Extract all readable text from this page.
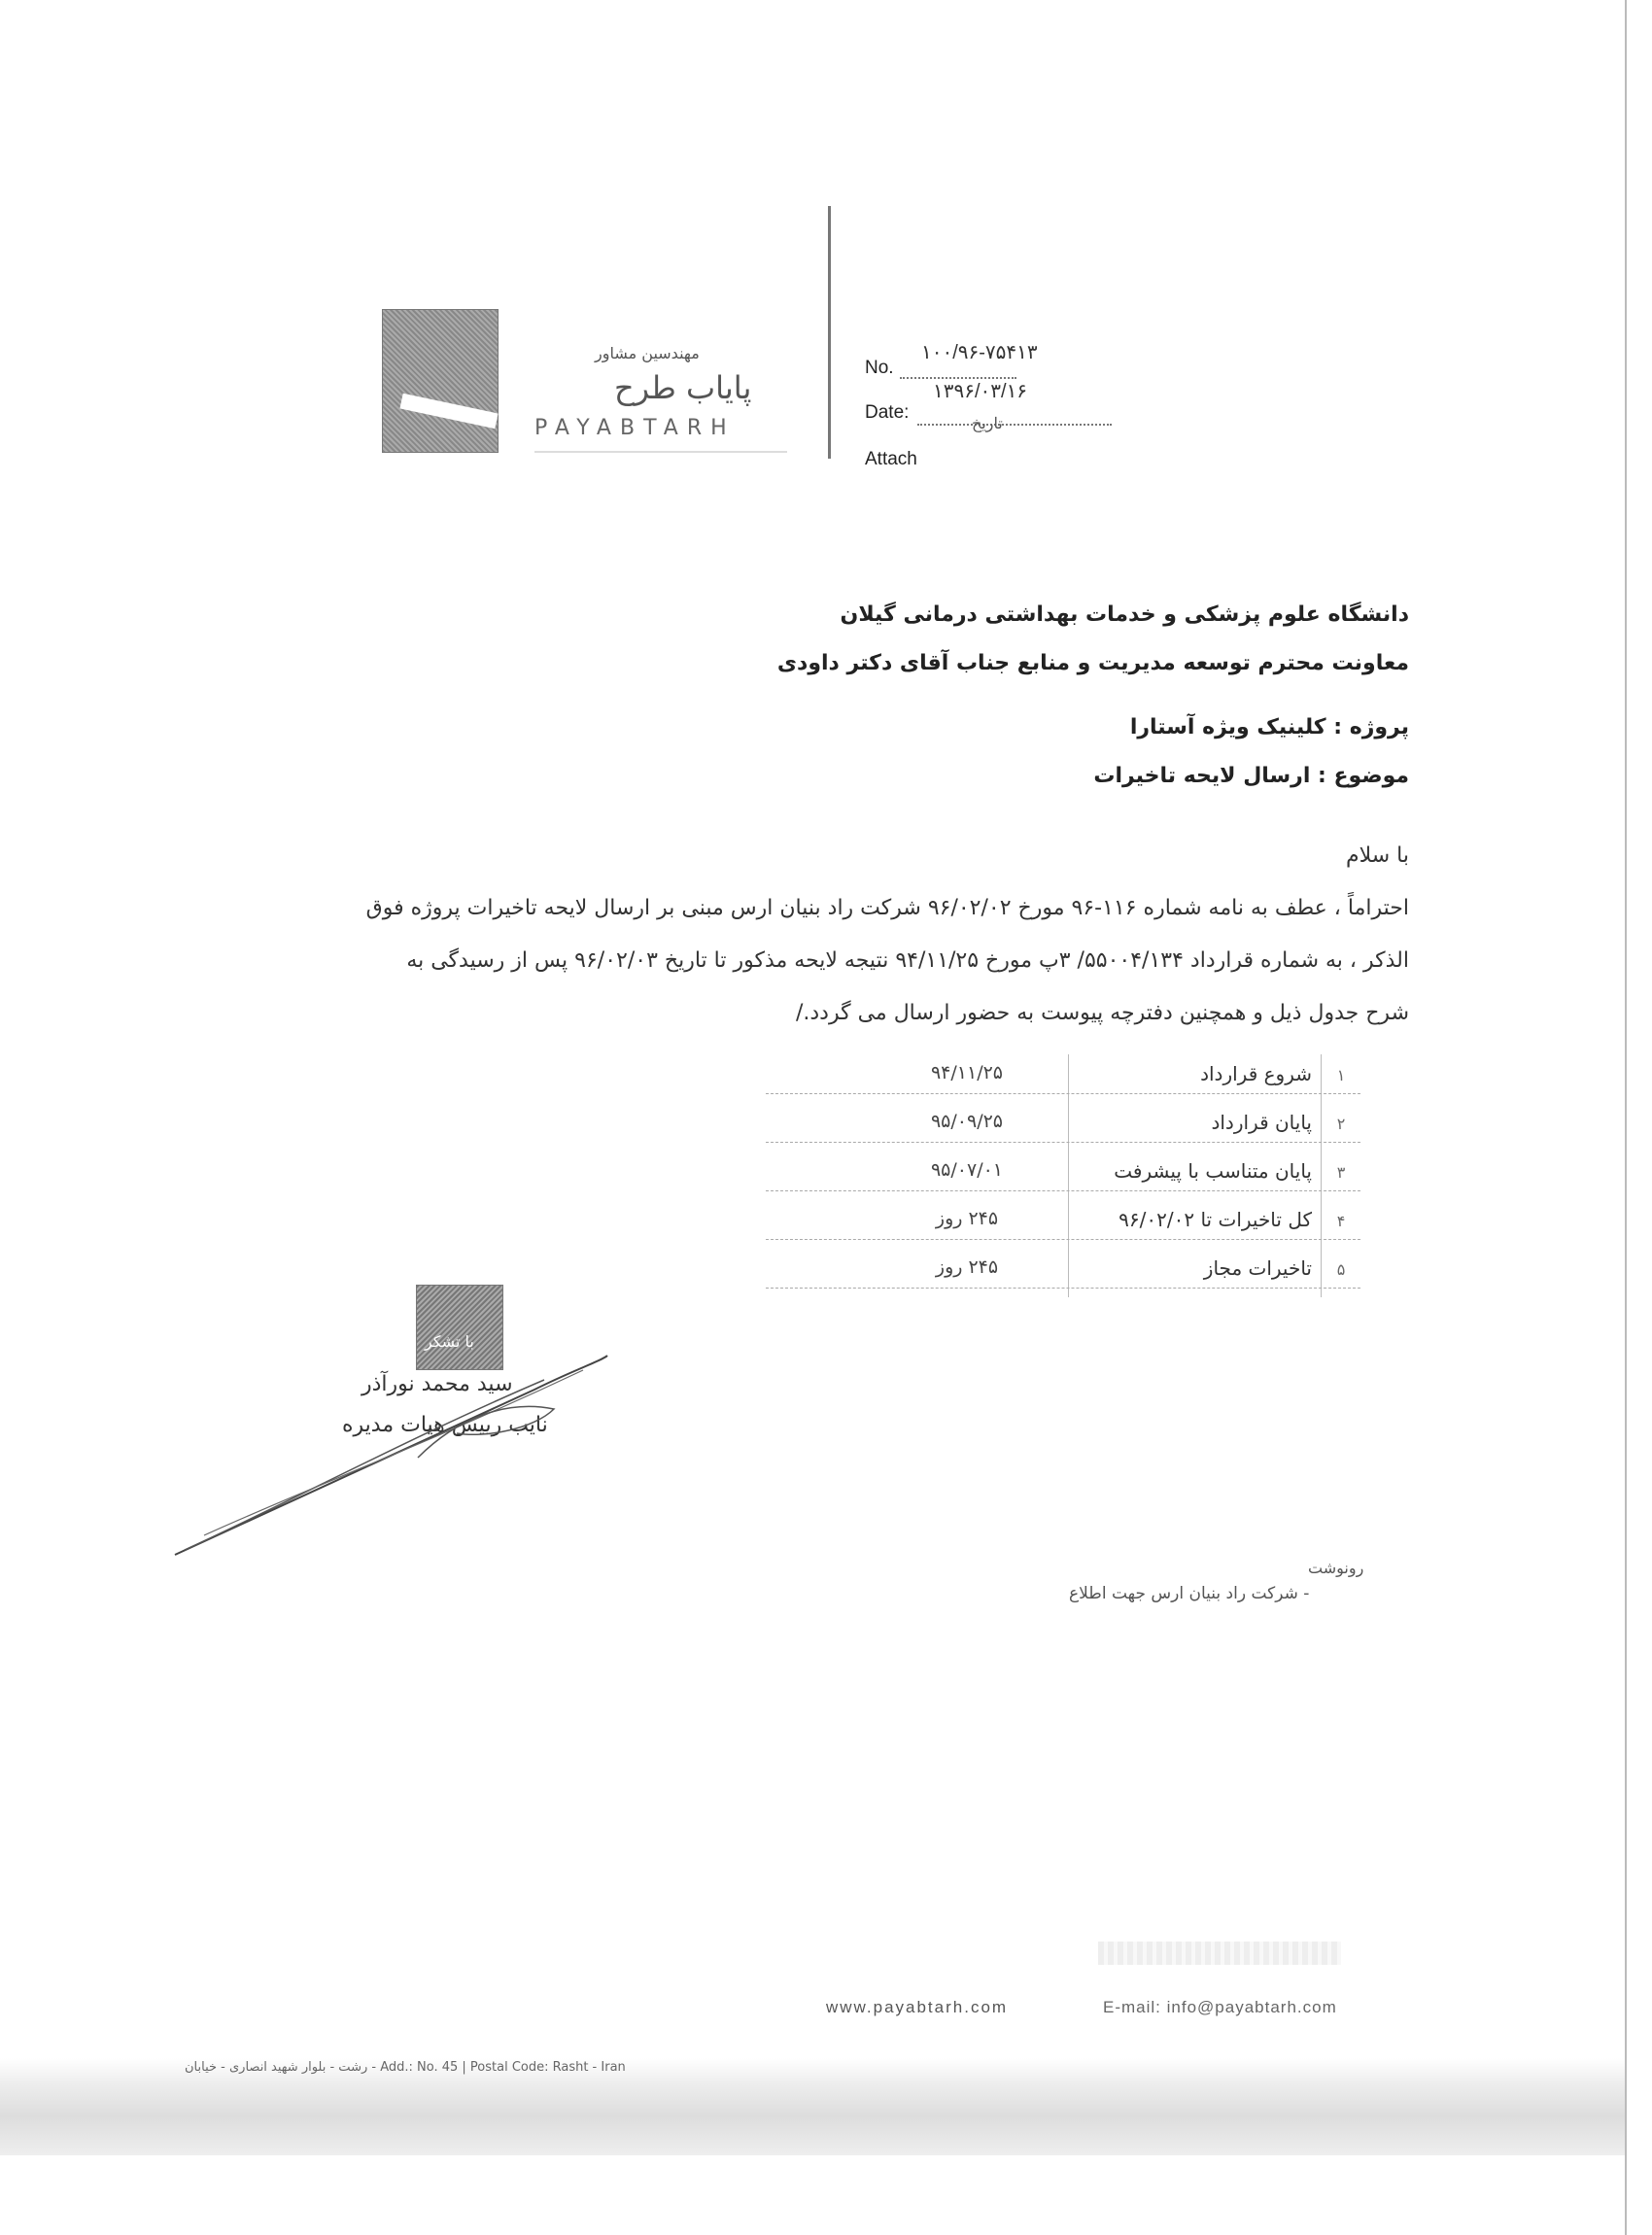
مهندسین مشاور
پایاب طرح
PAYABTARH
No.
۱۰۰/۹۶-۷۵۴۱۳
Date:
۱۳۹۶/۰۳/۱۶
تاریخ
Attach
دانشگاه علوم پزشکی و خدمات بهداشتی درمانی گیلان
معاونت محترم توسعه مدیریت و منابع جناب آقای دکتر داودی
پروژه : کلینیک ویژه آستارا
موضوع : ارسال لایحه تاخیرات
با سلام
احتراماً ، عطف به نامه شماره ۱۱۶-۹۶ مورخ ۹۶/۰۲/۰۲ شرکت راد بنیان ارس مبنی بر ارسال لایحه تاخیرات پروژه فوق
الذکر ، به شماره قرارداد ۵۵۰۰۴/۱۳۴/ ۳پ مورخ ۹۴/۱۱/۲۵ نتیجه لایحه مذکور تا تاریخ ۹۶/۰۲/۰۳ پس از رسیدگی به
شرح جدول ذیل و همچنین دفترچه پیوست به حضور ارسال می گردد./
۱
شروع قرارداد
۹۴/۱۱/۲۵
۲
پایان قرارداد
۹۵/۰۹/۲۵
۳
پایان متناسب با پیشرفت
۹۵/۰۷/۰۱
۴
کل تاخیرات تا ۹۶/۰۲/۰۲
۲۴۵ روز
۵
تاخیرات مجاز
۲۴۵ روز
با تشکر
سید محمد نورآذر
نایب رییس هیات مدیره
رونوشت
- شرکت راد بنیان ارس جهت اطلاع
www.payabtarh.com	E-mail: info@payabtarh.com
رشت - بلوار شهید انصاری - خیابان - Add.: No. 45 | Postal Code: Rasht - Iran
